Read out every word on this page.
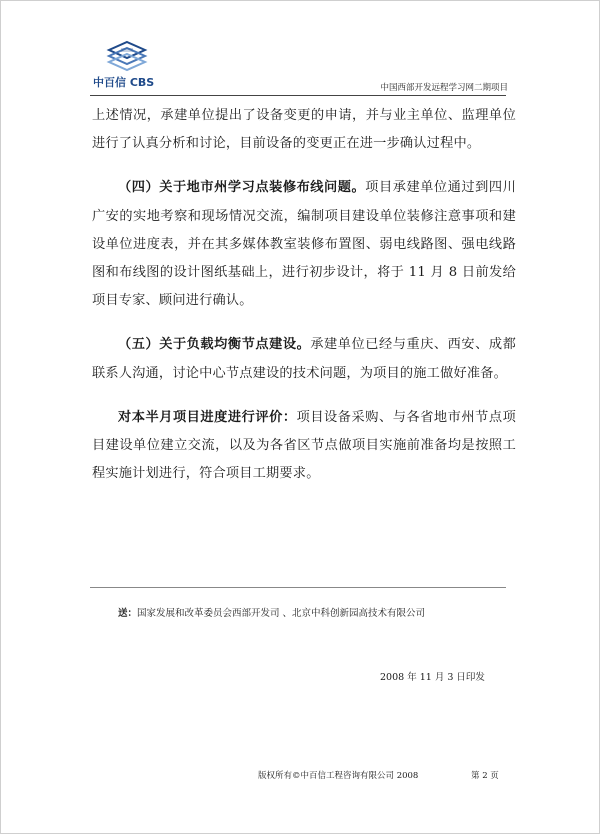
中百信 CBS	中国西部开发远程学习网二期项目

上述情况，承建单位提出了设备变更的申请，并与业主单位、监理单位进行了认真分析和讨论，目前设备的变更正在进一步确认过程中。

（四）关于地市州学习点装修布线问题。项目承建单位通过到四川广安的实地考察和现场情况交流，编制项目建设单位装修注意事项和建设单位进度表，并在其多媒体教室装修布置图、弱电线路图、强电线路图和布线图的设计图纸基础上，进行初步设计，将于 11 月 8 日前发给项目专家、顾问进行确认。

（五）关于负载均衡节点建设。承建单位已经与重庆、西安、成都联系人沟通，讨论中心节点建设的技术问题，为项目的施工做好准备。

对本半月项目进度进行评价：项目设备采购、与各省地市州节点项目建设单位建立交流，以及为各省区节点做项目实施前准备均是按照工程实施计划进行，符合项目工期要求。

送：国家发展和改革委员会西部开发司 、北京中科创新园高技术有限公司
2008 年 11 月 3 日印发
版权所有©中百信工程咨询有限公司 2008	第 2 页
